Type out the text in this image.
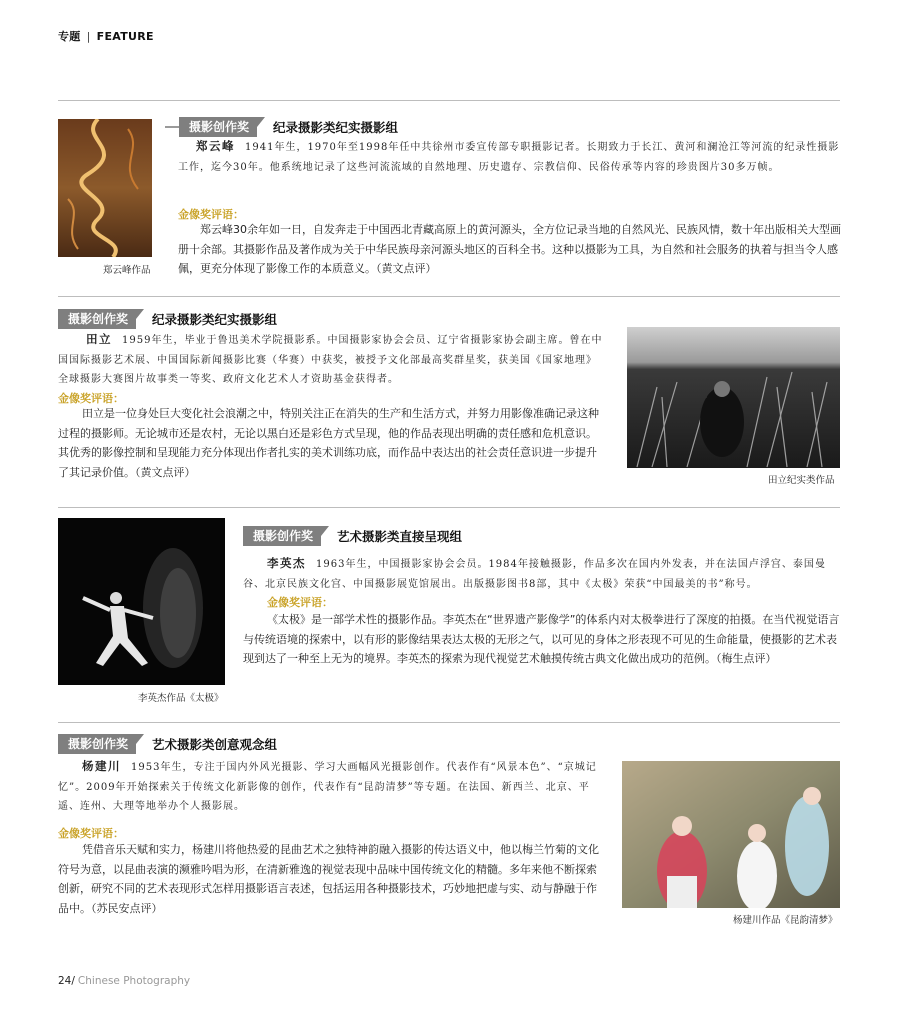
专题 | FEATURE
郑云峰作品
摄影创作奖	纪录摄影类纪实摄影组
郑云峰 1941年生，1970年至1998年任中共徐州市委宣传部专职摄影记者。长期致力于长江、黄河和澜沧江等河流的纪录性摄影工作，迄今30年。他系统地记录了这些河流流域的自然地理、历史遗存、宗教信仰、民俗传承等内容的珍贵图片30多万帧。
金像奖评语：
郑云峰30余年如一日，自发奔走于中国西北青藏高原上的黄河源头，全方位记录当地的自然风光、民族风情，数十年出版相关大型画册十余部。其摄影作品及著作成为关于中华民族母亲河源头地区的百科全书。这种以摄影为工具，为自然和社会服务的执着与担当令人感佩，更充分体现了影像工作的本质意义。（黄文点评）
摄影创作奖	纪录摄影类纪实摄影组
田立 1959年生，毕业于鲁迅美术学院摄影系。中国摄影家协会会员、辽宁省摄影家协会副主席。曾在中国国际摄影艺术展、中国国际新闻摄影比赛（华赛）中获奖，被授予文化部最高奖群星奖，获美国《国家地理》全球摄影大赛图片故事类一等奖、政府文化艺术人才资助基金获得者。
金像奖评语：
田立是一位身处巨大变化社会浪潮之中，特别关注正在消失的生产和生活方式，并努力用影像准确记录这种过程的摄影师。无论城市还是农村，无论以黑白还是彩色方式呈现，他的作品表现出明确的责任感和危机意识。其优秀的影像控制和呈现能力充分体现出作者扎实的美术训练功底，而作品中表达出的社会责任意识进一步提升了其记录价值。（黄文点评）
田立纪实类作品
李英杰作品《太极》
摄影创作奖	艺术摄影类直接呈现组
李英杰 1963年生，中国摄影家协会会员。1984年接触摄影，作品多次在国内外发表，并在法国卢浮宫、泰国曼谷、北京民族文化宫、中国摄影展览馆展出。出版摄影图书8部，其中《太极》荣获“中国最美的书”称号。
金像奖评语：
《太极》是一部学术性的摄影作品。李英杰在“世界遗产影像学”的体系内对太极拳进行了深度的拍摄。在当代视觉语言与传统语境的探索中，以有形的影像结果表达太极的无形之气，以可见的身体之形表现不可见的生命能量，使摄影的艺术表现到达了一种至上无为的境界。李英杰的探索为现代视觉艺术触摸传统古典文化做出成功的范例。（梅生点评）
摄影创作奖	艺术摄影类创意观念组
杨建川 1953年生，专注于国内外风光摄影、学习大画幅风光摄影创作。代表作有“风景本色”、“京城记忆”。2009年开始探索关于传统文化新影像的创作，代表作有“昆韵清梦”等专题。在法国、新西兰、北京、平遥、连州、大理等地举办个人摄影展。
金像奖评语：
凭借音乐天赋和实力，杨建川将他热爱的昆曲艺术之独特神韵融入摄影的传达语义中，他以梅兰竹菊的文化符号为意，以昆曲表演的濒雅吟唱为形，在清新雅逸的视觉表现中品味中国传统文化的精髓。多年来他不断探索创新，研究不同的艺术表现形式怎样用摄影语言表述，包括运用各种摄影技术，巧妙地把虚与实、动与静融于作品中。（苏民安点评）
杨建川作品《昆韵清梦》
24/ Chinese Photography
